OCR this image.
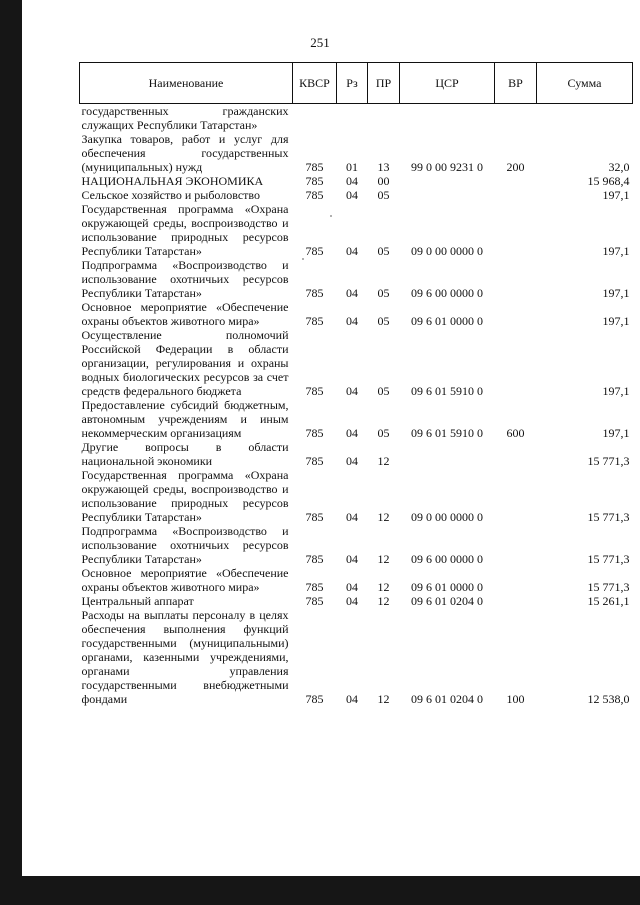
251
Наименование	КВСР	Рз	ПР	ЦСР	ВР	Сумма
государственных гражданских служащих Республики Татарстан»						
Закупка товаров, работ и услуг для обеспечения государственных (муниципальных) нужд	785	01	13	99 0 00 9231 0	200	32,0
НАЦИОНАЛЬНАЯ ЭКОНОМИКА	785	04	00			15 968,4
Сельское хозяйство и рыболовство	785	04	05			197,1
Государственная программа «Охрана окружающей среды, воспроизводство и использование природных ресурсов Республики Татарстан»	785	04	05	09 0 00 0000 0		197,1
Подпрограмма «Воспроизводство и использование охотничьих ресурсов Республики Татарстан»	785	04	05	09 6 00 0000 0		197,1
Основное мероприятие «Обеспечение охраны объектов животного мира»	785	04	05	09 6 01 0000 0		197,1
Осуществление полномочий Российской Федерации в области организации, регулирования и охраны водных биологических ресурсов за счет средств федерального бюджета	785	04	05	09 6 01 5910 0		197,1
Предоставление субсидий бюджетным, автономным учреждениям и иным некоммерческим организациям	785	04	05	09 6 01 5910 0	600	197,1
Другие вопросы в области национальной экономики	785	04	12			15 771,3
Государственная программа «Охрана окружающей среды, воспроизводство и использование природных ресурсов Республики Татарстан»	785	04	12	09 0 00 0000 0		15 771,3
Подпрограмма «Воспроизводство и использование охотничьих ресурсов Республики Татарстан»	785	04	12	09 6 00 0000 0		15 771,3
Основное мероприятие «Обеспечение охраны объектов животного мира»	785	04	12	09 6 01 0000 0		15 771,3
Центральный аппарат	785	04	12	09 6 01 0204 0		15 261,1
Расходы на выплаты персоналу в целях обеспечения выполнения функций государственными (муниципальными) органами, казенными учреждениями, органами управления государственными внебюджетными фондами	785	04	12	09 6 01 0204 0	100	12 538,0
